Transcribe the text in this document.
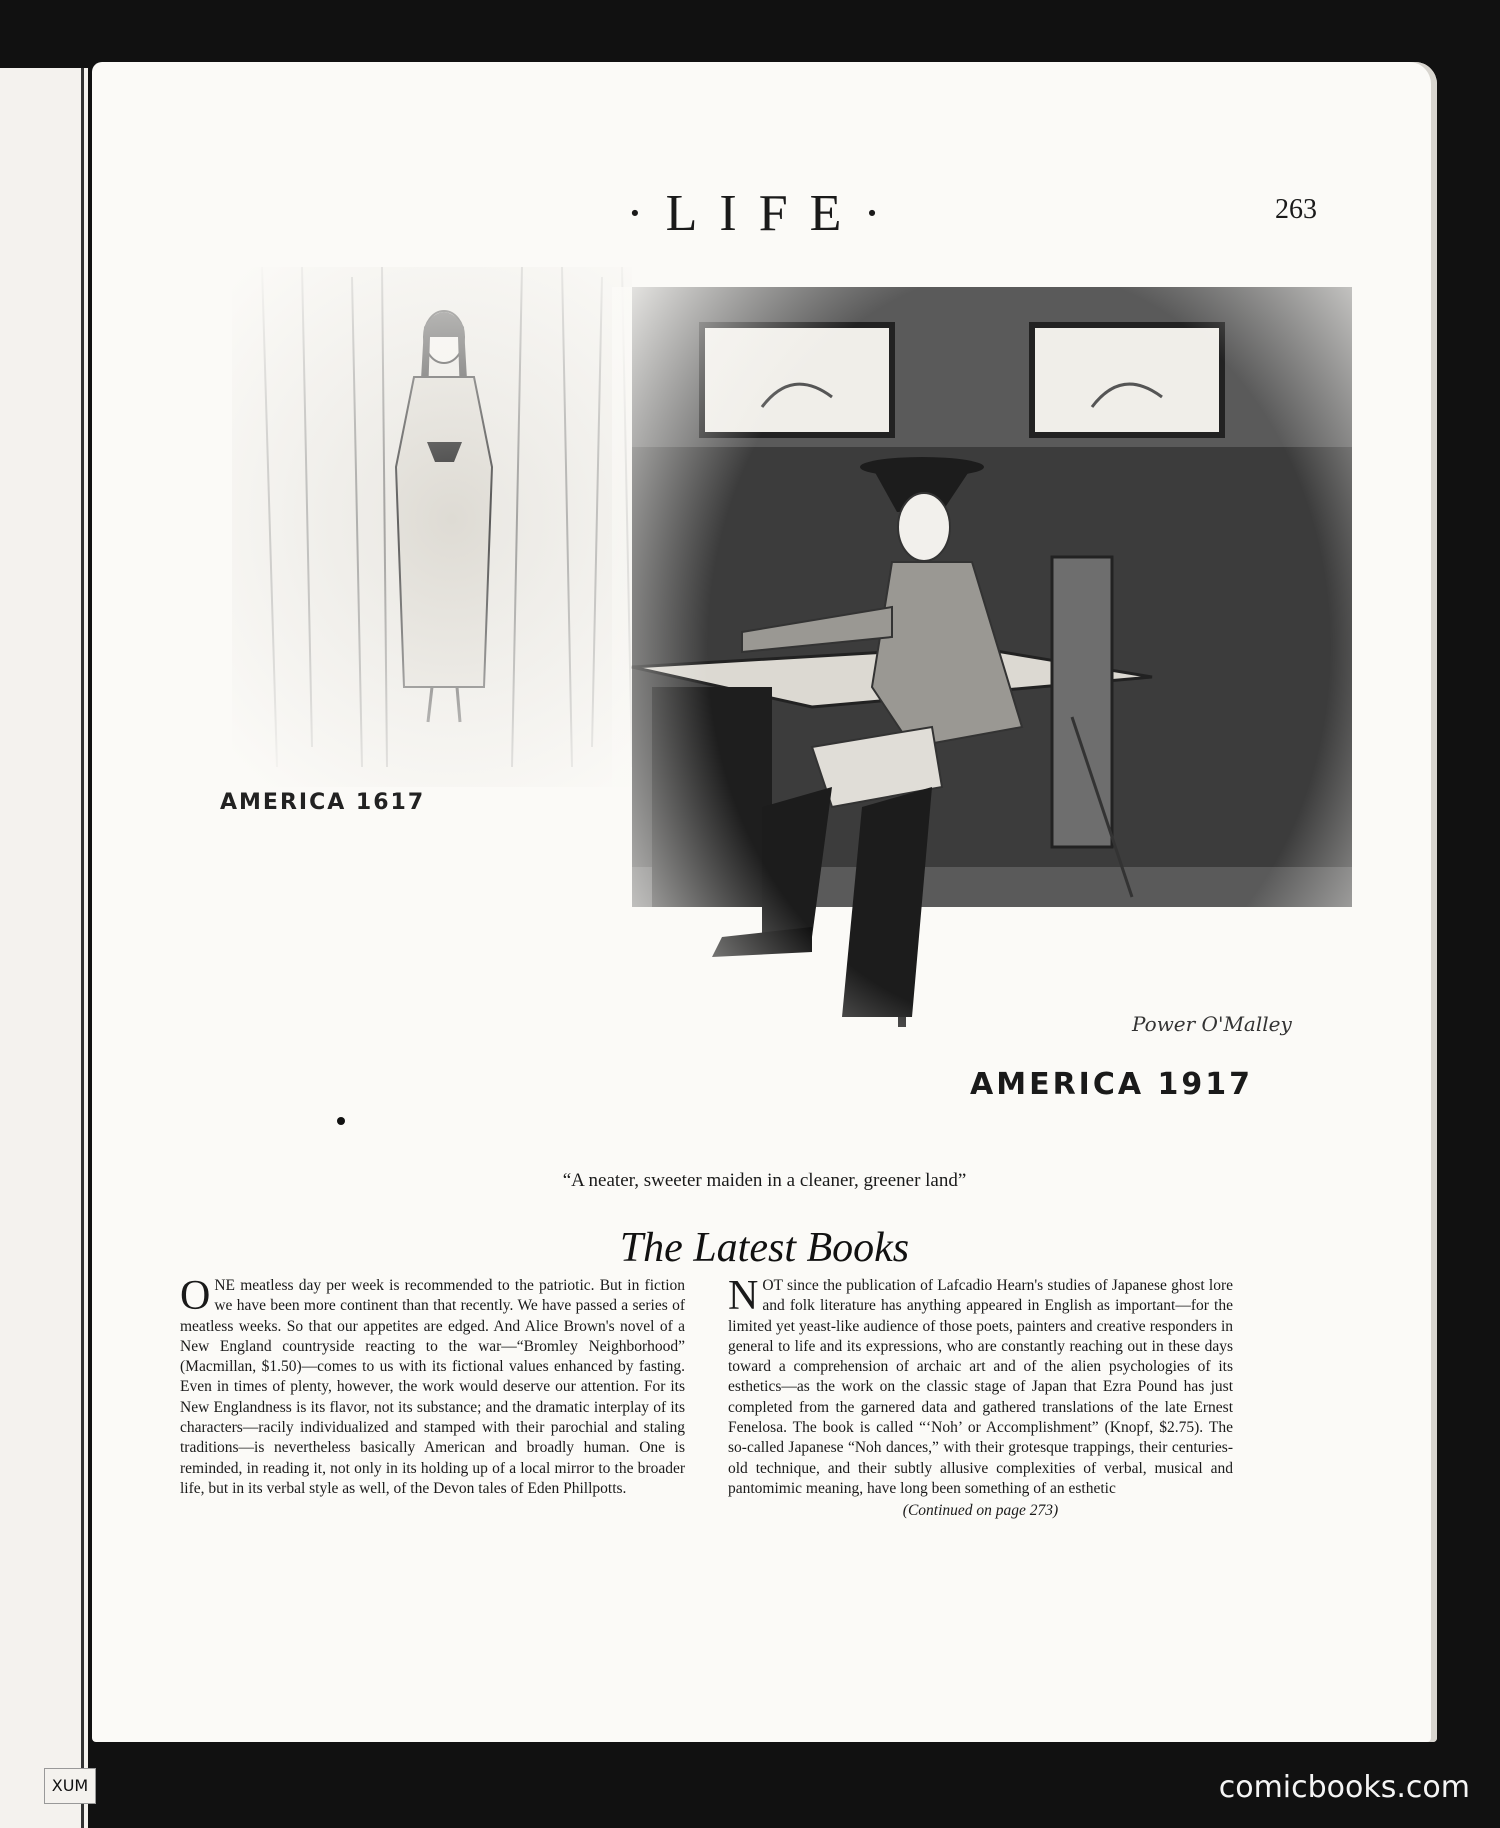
·LIFE·	263
AMERICA 1617
AMERICA 1917
Power O'Malley
“A neater, sweeter maiden in a cleaner, greener land”
The Latest Books
O NE meatless day per week is recommended to the patriotic. But in fiction we have been more continent than that recently. We have passed a series of meatless weeks. So that our appetites are edged. And Alice Brown's novel of a New England countryside reacting to the war—“Bromley Neighborhood” (Macmillan, $1.50)—comes to us with its fictional values enhanced by fasting. Even in times of plenty, however, the work would deserve our attention. For its New Englandness is its flavor, not its substance; and the dramatic interplay of its characters—racily individualized and stamped with their parochial and staling traditions—is nevertheless basically American and broadly human. One is reminded, in reading it, not only in its holding up of a local mirror to the broader life, but in its verbal style as well, of the Devon tales of Eden Phillpotts.
N OT since the publication of Lafcadio Hearn's studies of Japanese ghost lore and folk literature has anything appeared in English as important—for the limited yet yeast-like audience of those poets, painters and creative responders in general to life and its expressions, who are constantly reaching out in these days toward a comprehension of archaic art and of the alien psychologies of its esthetics—as the work on the classic stage of Japan that Ezra Pound has just completed from the garnered data and gathered translations of the late Ernest Fenelosa. The book is called “‘Noh’ or Accomplishment” (Knopf, $2.75). The so-called Japanese “Noh dances,” with their grotesque trappings, their centuries-old technique, and their subtly allusive complexities of verbal, musical and pantomimic meaning, have long been something of an esthetic
(Continued on page 273)
XUM	comicbooks.com
